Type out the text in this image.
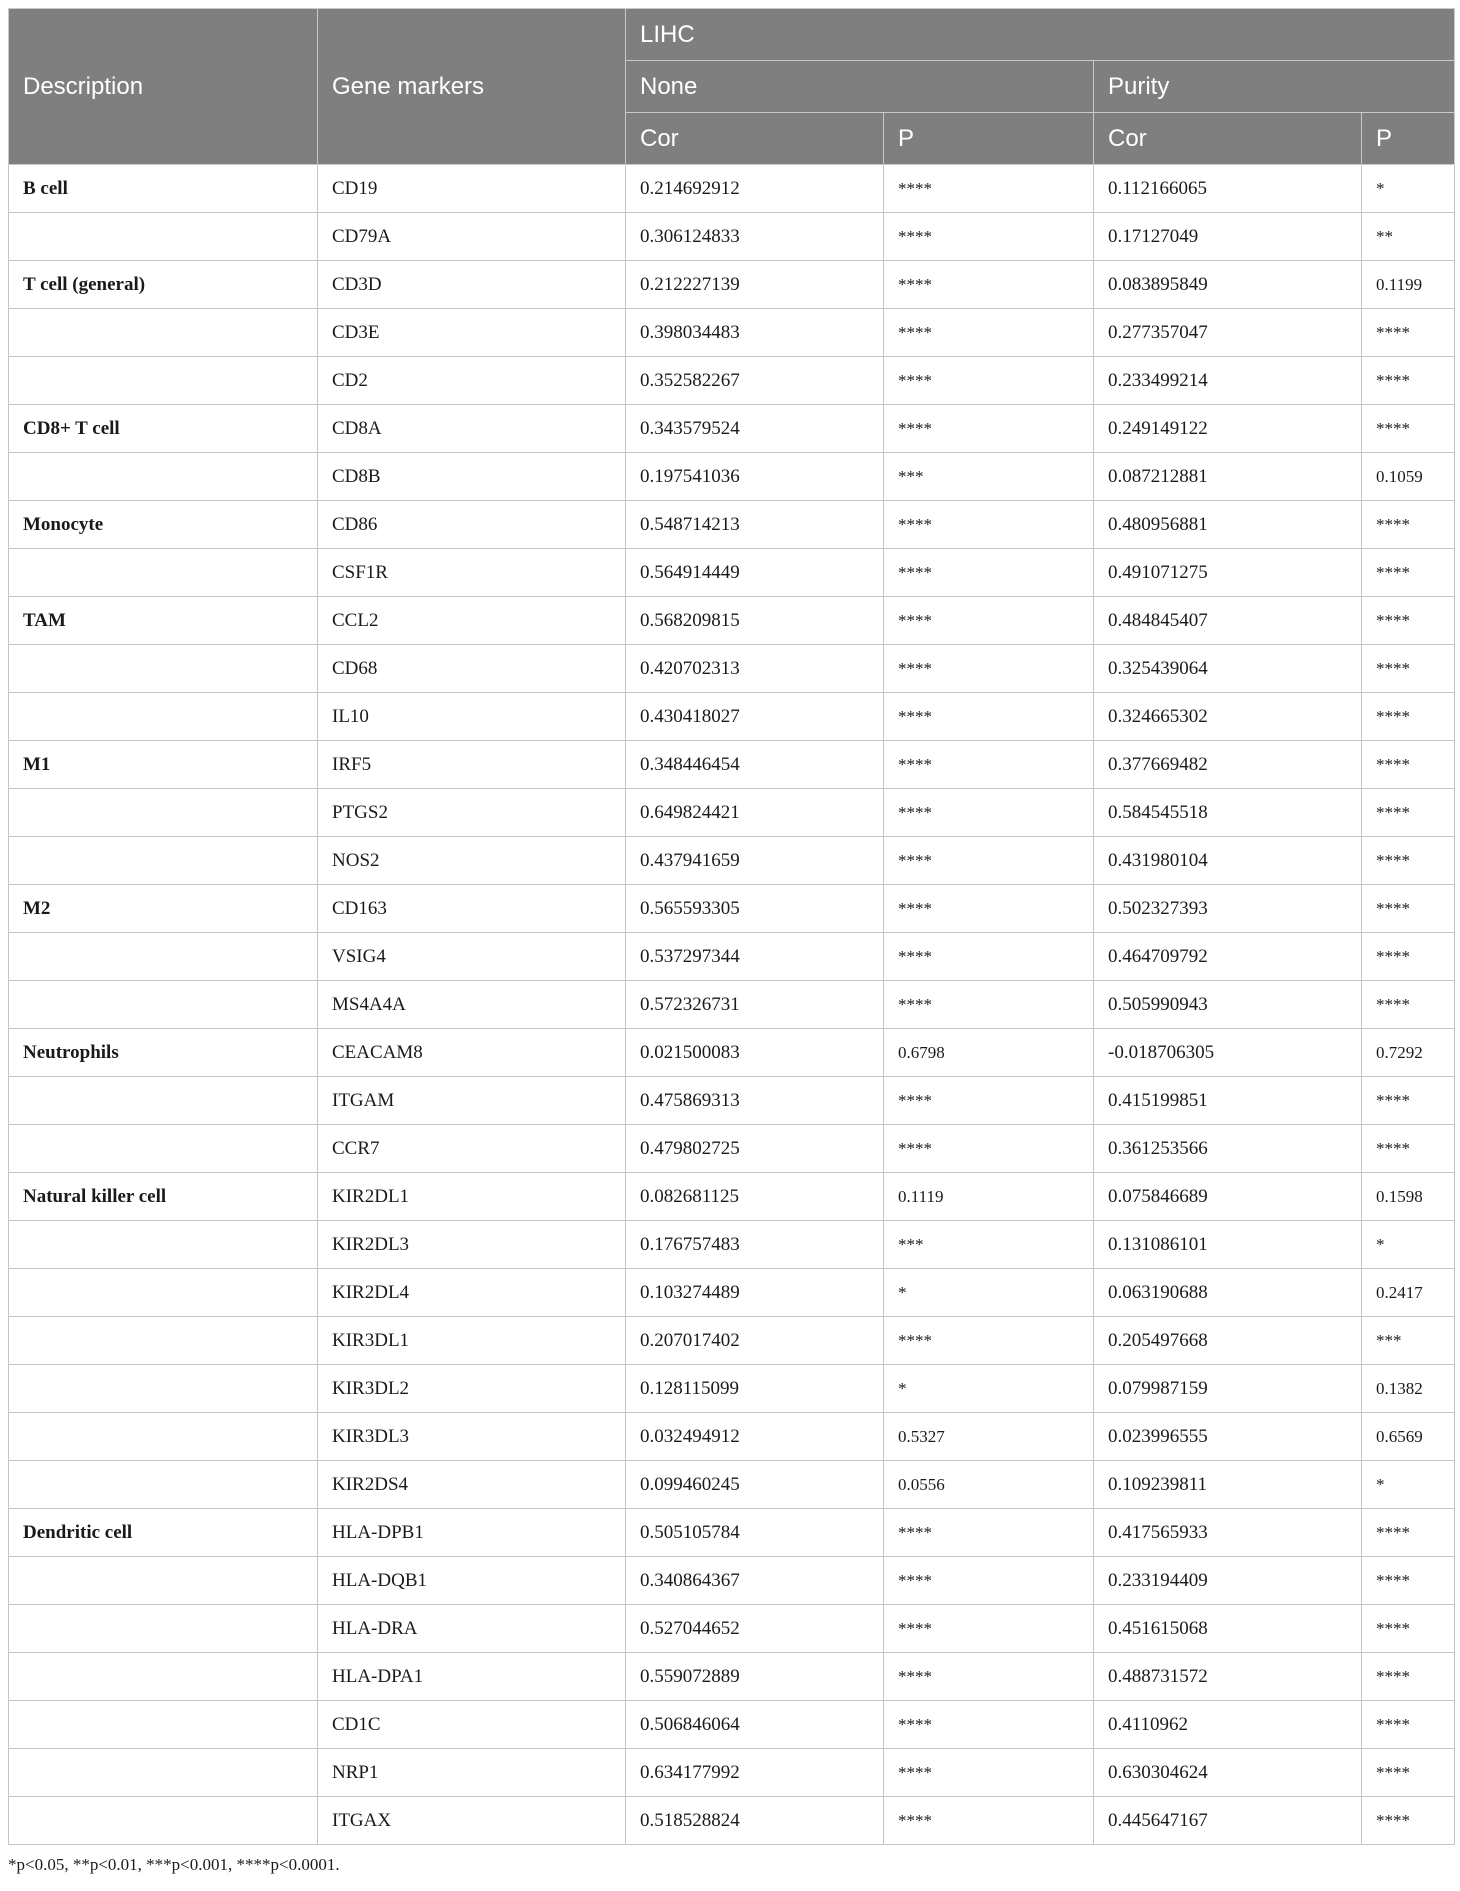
Description	Gene markers	LIHC			
		None		Purity	
		Cor	P	Cor	P
B cell	CD19	0.214692912	****	0.112166065	*
	CD79A	0.306124833	****	0.17127049	**
T cell (general)	CD3D	0.212227139	****	0.083895849	0.1199
	CD3E	0.398034483	****	0.277357047	****
	CD2	0.352582267	****	0.233499214	****
CD8+ T cell	CD8A	0.343579524	****	0.249149122	****
	CD8B	0.197541036	***	0.087212881	0.1059
Monocyte	CD86	0.548714213	****	0.480956881	****
	CSF1R	0.564914449	****	0.491071275	****
TAM	CCL2	0.568209815	****	0.484845407	****
	CD68	0.420702313	****	0.325439064	****
	IL10	0.430418027	****	0.324665302	****
M1	IRF5	0.348446454	****	0.377669482	****
	PTGS2	0.649824421	****	0.584545518	****
	NOS2	0.437941659	****	0.431980104	****
M2	CD163	0.565593305	****	0.502327393	****
	VSIG4	0.537297344	****	0.464709792	****
	MS4A4A	0.572326731	****	0.505990943	****
Neutrophils	CEACAM8	0.021500083	0.6798	-0.018706305	0.7292
	ITGAM	0.475869313	****	0.415199851	****
	CCR7	0.479802725	****	0.361253566	****
Natural killer cell	KIR2DL1	0.082681125	0.1119	0.075846689	0.1598
	KIR2DL3	0.176757483	***	0.131086101	*
	KIR2DL4	0.103274489	*	0.063190688	0.2417
	KIR3DL1	0.207017402	****	0.205497668	***
	KIR3DL2	0.128115099	*	0.079987159	0.1382
	KIR3DL3	0.032494912	0.5327	0.023996555	0.6569
	KIR2DS4	0.099460245	0.0556	0.109239811	*
Dendritic cell	HLA-DPB1	0.505105784	****	0.417565933	****
	HLA-DQB1	0.340864367	****	0.233194409	****
	HLA-DRA	0.527044652	****	0.451615068	****
	HLA-DPA1	0.559072889	****	0.488731572	****
	CD1C	0.506846064	****	0.4110962	****
	NRP1	0.634177992	****	0.630304624	****
	ITGAX	0.518528824	****	0.445647167	****
*p<0.05, **p<0.01, ***p<0.001, ****p<0.0001.
